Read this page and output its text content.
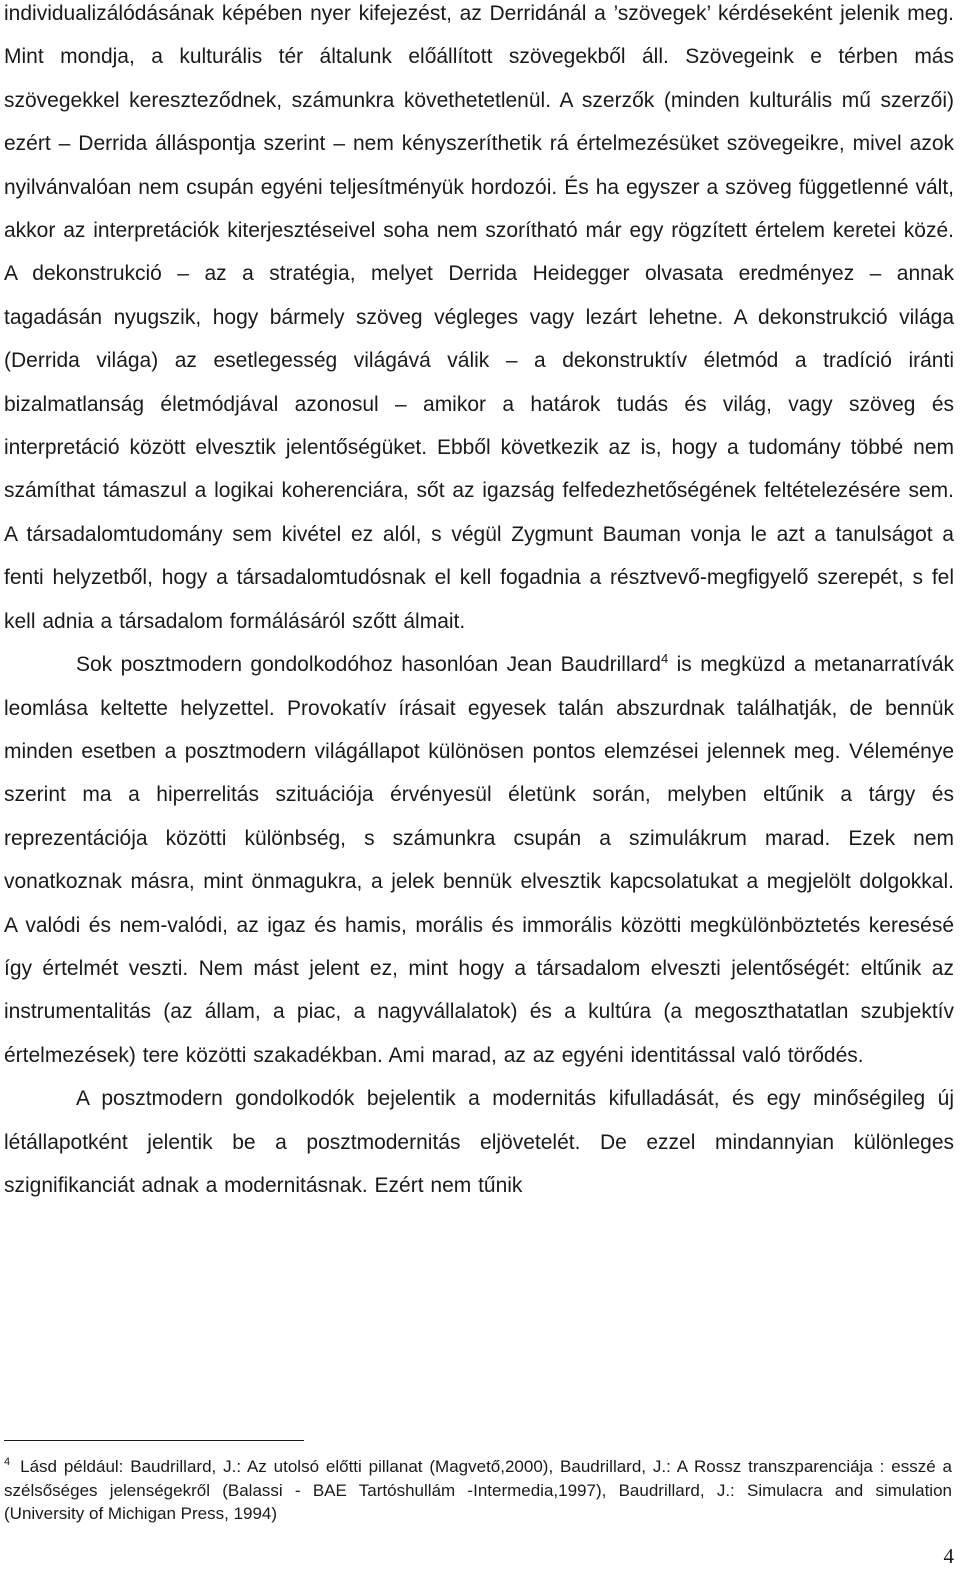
individualizálódásának képében nyer kifejezést, az Derridánál a ’szövegek’ kérdéseként jelenik meg. Mint mondja, a kulturális tér általunk előállított szövegekből áll. Szövegeink e térben más szövegekkel kereszteződnek, számunkra követhetetlenül. A szerzők (minden kulturális mű szerzői) ezért – Derrida álláspontja szerint – nem kényszeríthetik rá értelmezésüket szövegeikre, mivel azok nyilvánvalóan nem csupán egyéni teljesítményük hordozói. És ha egyszer a szöveg függetlenné vált, akkor az interpretációk kiterjesztéseivel soha nem szorítható már egy rögzített értelem keretei közé. A dekonstrukció – az a stratégia, melyet Derrida Heidegger olvasata eredményez – annak tagadásán nyugszik, hogy bármely szöveg végleges vagy lezárt lehetne. A dekonstrukció világa (Derrida világa) az esetlegesség világává válik – a dekonstruktív életmód a tradíció iránti bizalmatlanság életmódjával azonosul – amikor a határok tudás és világ, vagy szöveg és interpretáció között elvesztik jelentőségüket. Ebből következik az is, hogy a tudomány többé nem számíthat támaszul a logikai koherenciára, sőt az igazság felfedezhetőségének feltételezésére sem. A társadalomtudomány sem kivétel ez alól, s végül Zygmunt Bauman vonja le azt a tanulságot a fenti helyzetből, hogy a társadalomtudósnak el kell fogadnia a résztvevő-megfigyelő szerepét, s fel kell adnia a társadalom formálásáról szőtt álmait.

Sok posztmodern gondolkodóhoz hasonlóan Jean Baudrillard$^4$ is megküzd a metanarratívák leomlása keltette helyzettel. Provokatív írásait egyesek talán abszurdnak találhatják, de bennük minden esetben a posztmodern világállapot különösen pontos elemzései jelennek meg. Véleménye szerint ma a hiperrelitás szituációja érvényesül életünk során, melyben eltűnik a tárgy és reprezentációja közötti különbség, s számunkra csupán a szimulákrum marad. Ezek nem vonatkoznak másra, mint önmagukra, a jelek bennük elvesztik kapcsolatukat a megjelölt dolgokkal. A valódi és nem-valódi, az igaz és hamis, morális és immorális közötti megkülönböztetés keresésé így értelmét veszti. Nem mást jelent ez, mint hogy a társadalom elveszti jelentőségét: eltűnik az instrumentalitás (az állam, a piac, a nagyvállalatok) és a kultúra (a megoszthatatlan szubjektív értelmezések) tere közötti szakadékban. Ami marad, az az egyéni identitással való törődés.

A posztmodern gondolkodók bejelentik a modernitás kifulladását, és egy minőségileg új létállapotként jelentik be a posztmodernitás eljövetelét. De ezzel mindannyian különleges szignifikanciát adnak a modernitásnak. Ezért nem tűnik

$^4$ Lásd például: Baudrillard, J.: Az utolsó előtti pillanat (Magvető,2000), Baudrillard, J.: A Rossz transzparenciája : esszé a szélsőséges jelenségekről (Balassi - BAE Tartóshullám -Intermedia,1997), Baudrillard, J.: Simulacra and simulation (University of Michigan Press, 1994)

4
